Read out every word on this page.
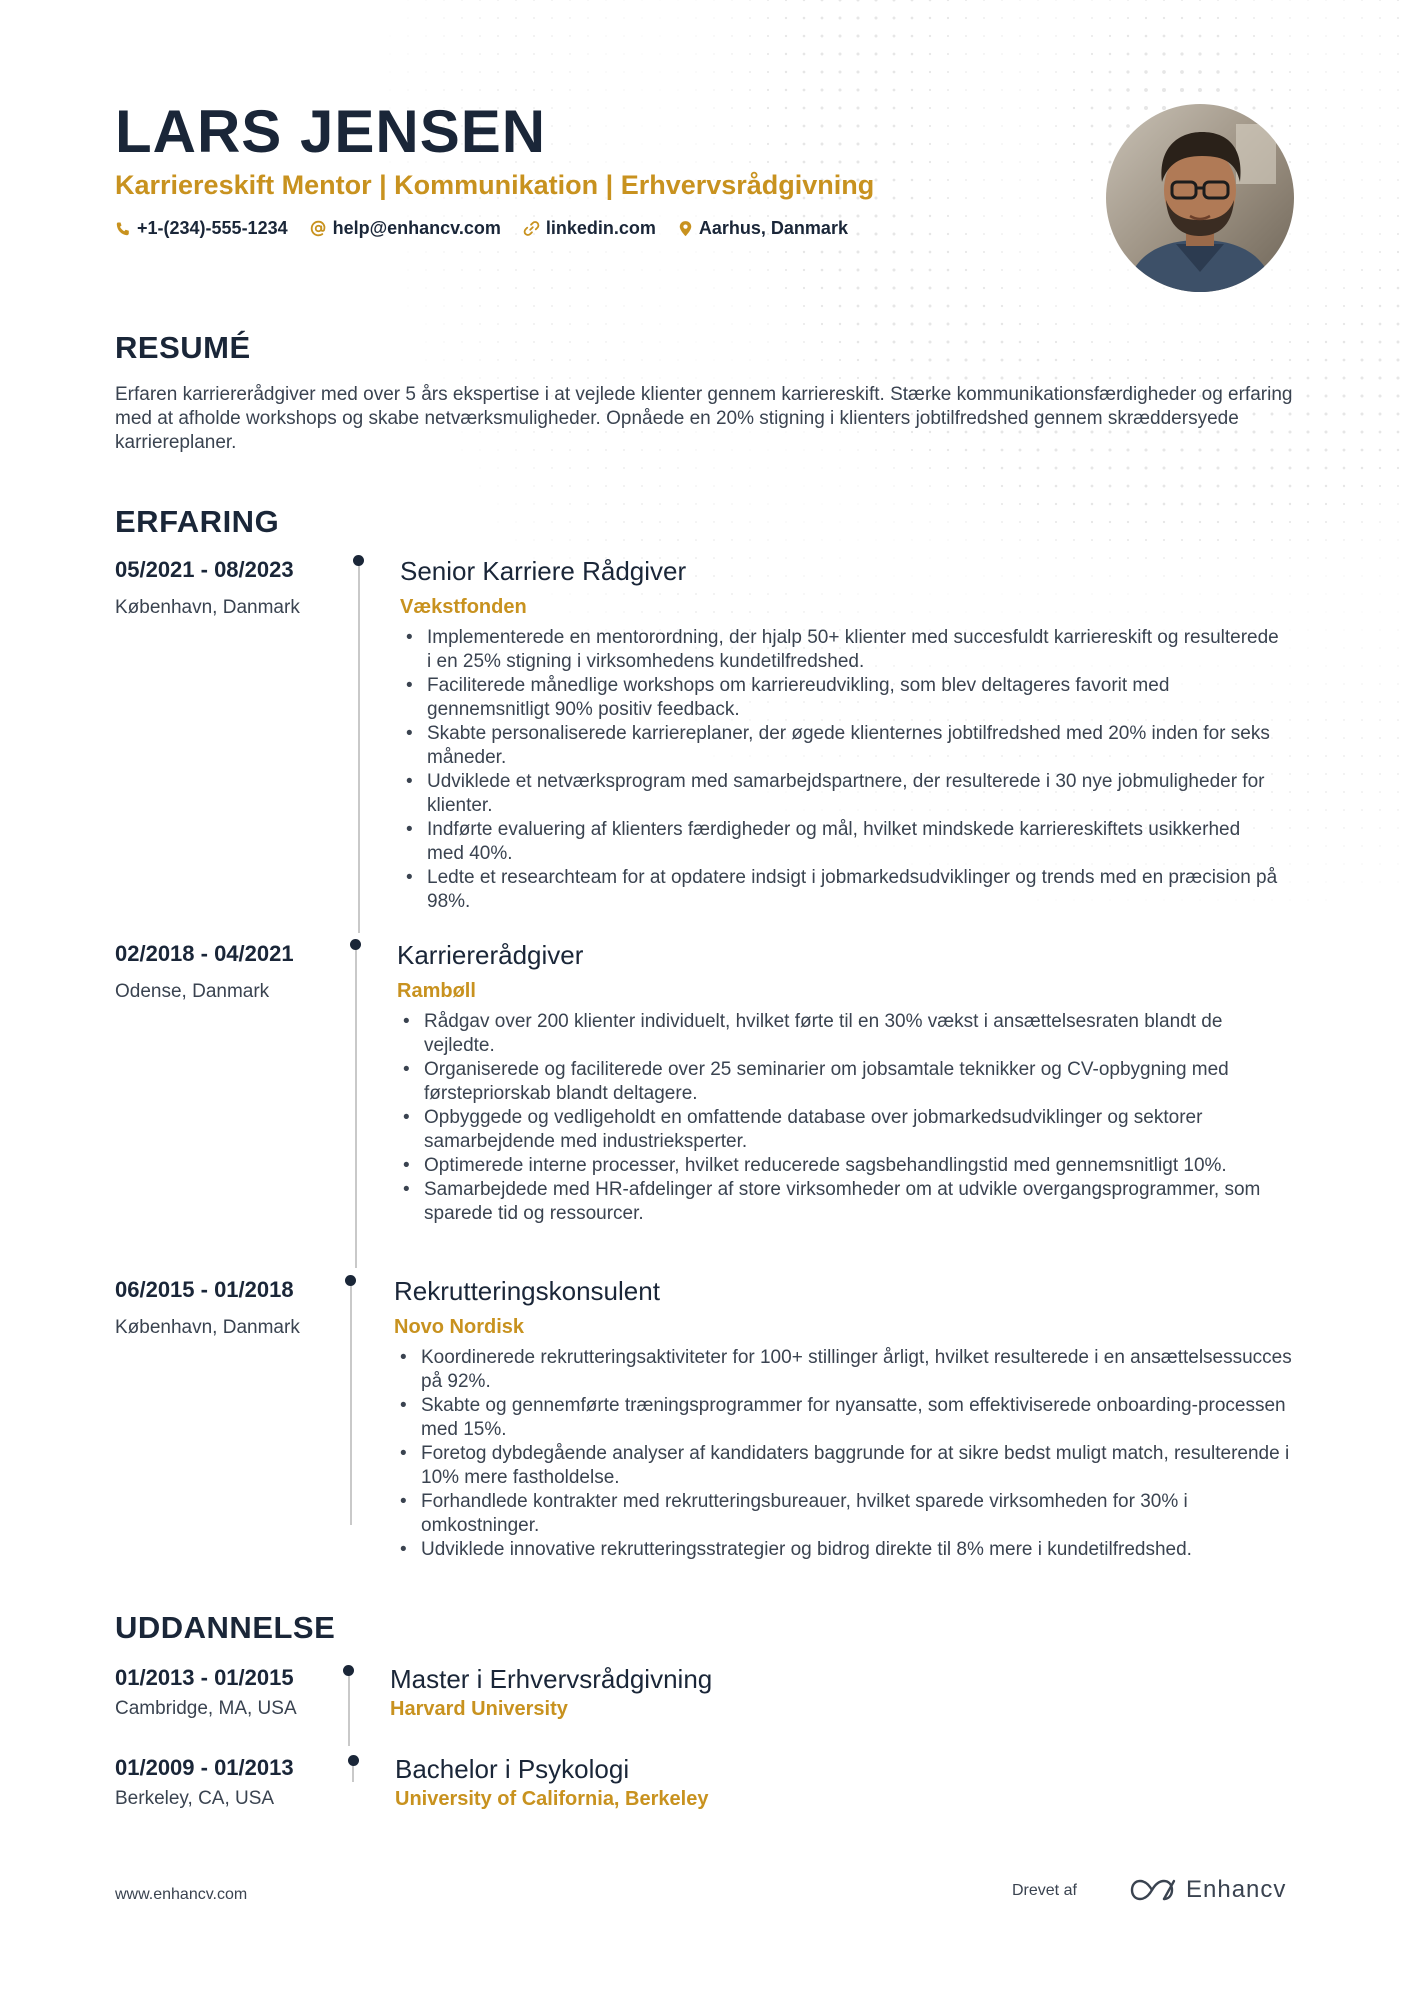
LARS JENSEN

Karriereskift Mentor | Kommunikation | Erhvervsrådgivning

+1-(234)-555-1234	help@enhancv.com	linkedin.com Aarhus, Danmark
RESUMÉ

Erfaren karriererådgiver med over 5 års ekspertise i at vejlede klienter gennem karriereskift. Stærke kommunikationsfærdigheder og erfaring med at afholde workshops og skabe netværksmuligheder. Opnåede en 20% stigning i klienters jobtilfredshed gennem skræddersyede karriereplaner.

ERFARING

05/2021 - 08/2023

København, Danmark

Senior Karriere Rådgiver

Vækstfonden

• Implementerede en mentorordning, der hjalp 50+ klienter med succesfuldt karriereskift og resulterede i en 25% stigning i virksomhedens kundetilfredshed.
• Faciliterede månedlige workshops om karriereudvikling, som blev deltageres favorit med gennemsnitligt 90% positiv feedback.
• Skabte personaliserede karriereplaner, der øgede klienternes jobtilfredshed med 20% inden for seks måneder.
• Udviklede et netværksprogram med samarbejdspartnere, der resulterede i 30 nye jobmuligheder for klienter.
• Indførte evaluering af klienters færdigheder og mål, hvilket mindskede karriereskiftets usikkerhed med 40%.
• Ledte et researchteam for at opdatere indsigt i jobmarkedsudviklinger og trends med en præcision på 98%.

02/2018 - 04/2021

Odense, Danmark

Karriererådgiver

Rambøll

• Rådgav over 200 klienter individuelt, hvilket førte til en 30% vækst i ansættelsesraten blandt de vejledte.
• Organiserede og faciliterede over 25 seminarier om jobsamtale teknikker og CV-opbygning med førstepriorskab blandt deltagere.
• Opbyggede og vedligeholdt en omfattende database over jobmarkedsudviklinger og sektorer samarbejdende med industrieksperter.
• Optimerede interne processer, hvilket reducerede sagsbehandlingstid med gennemsnitligt 10%.
• Samarbejdede med HR-afdelinger af store virksomheder om at udvikle overgangsprogrammer, som sparede tid og ressourcer.

06/2015 - 01/2018

København, Danmark

Rekrutteringskonsulent

Novo Nordisk

• Koordinerede rekrutteringsaktiviteter for 100+ stillinger årligt, hvilket resulterede i en ansættelsessucces på 92%.
• Skabte og gennemførte træningsprogrammer for nyansatte, som effektiviserede onboarding-processen med 15%.
• Foretog dybdegående analyser af kandidaters baggrunde for at sikre bedst muligt match, resulterende i 10% mere fastholdelse.
• Forhandlede kontrakter med rekrutteringsbureauer, hvilket sparede virksomheden for 30% i omkostninger.
• Udviklede innovative rekrutteringsstrategier og bidrog direkte til 8% mere i kundetilfredshed.
UDDANNELSE

01/2013 - 01/2015

Cambridge, MA, USA

Master i Erhvervsrådgivning

Harvard University

01/2009 - 01/2013

Berkeley, CA, USA

Bachelor i Psykologi

University of California, Berkeley

www.enhancv.com	Drevet af	Enhancv
